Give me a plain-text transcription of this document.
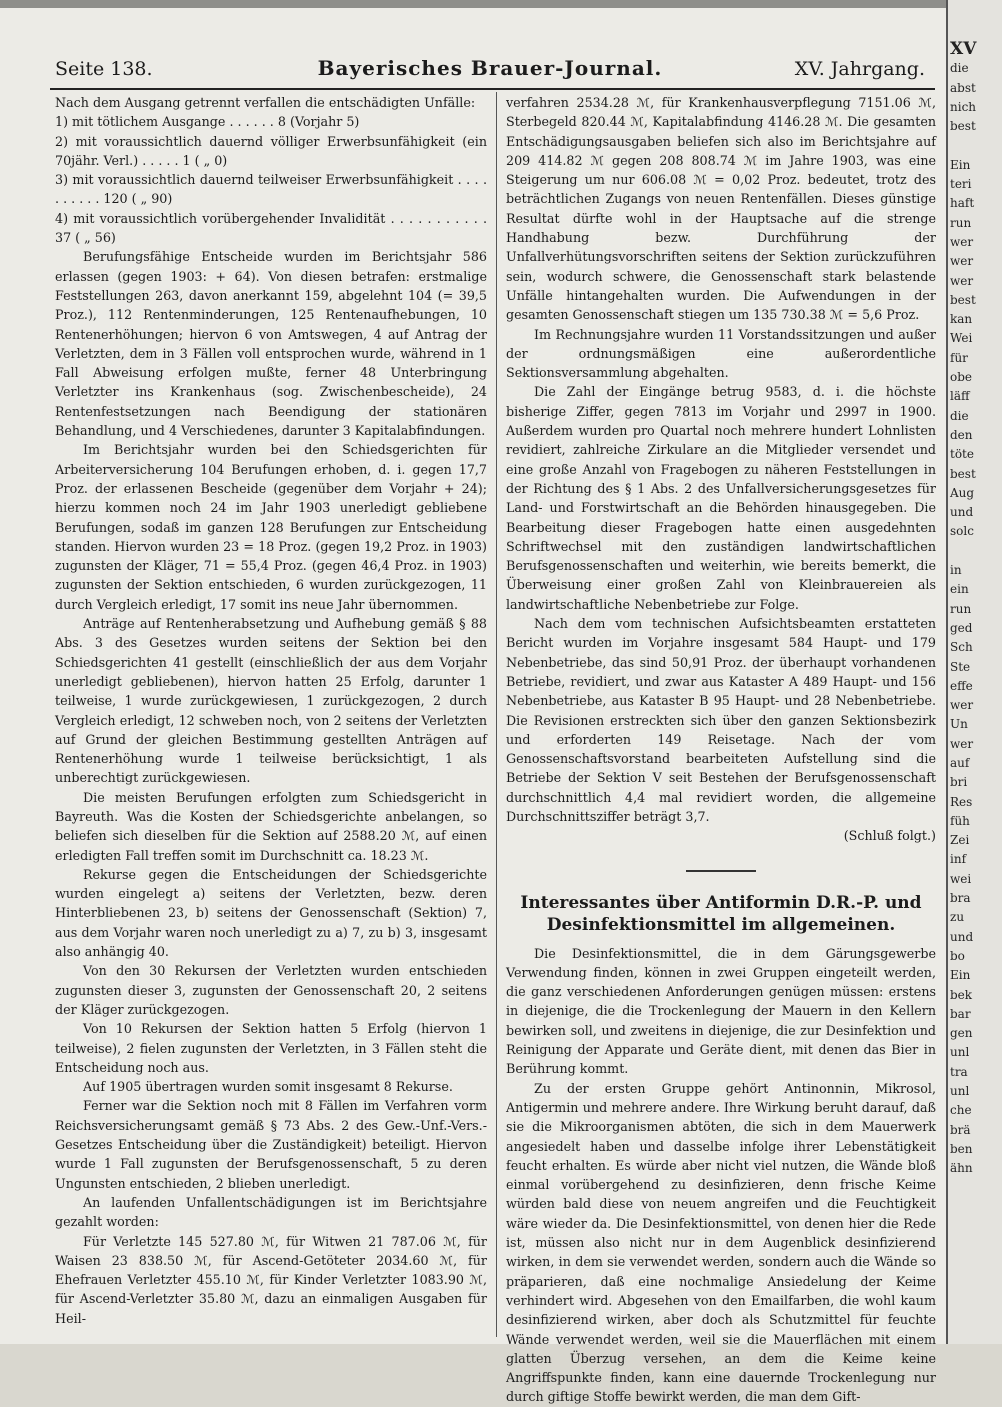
Seite 138.	Bayerisches Brauer-Journal.	XV. Jahrgang.

Nach dem Ausgang getrennt verfallen die entschädigten Unfälle:

1) mit tötlichem Ausgange . . . . . . 8 (Vorjahr 5)

2) mit voraussichtlich dauernd völliger Erwerbsunfähigkeit (ein 70jähr. Verl.) . . . . . 1 ( „ 0)

3) mit voraussichtlich dauernd teilweiser Erwerbsunfähigkeit . . . . . . . . . . 120 ( „ 90)

4) mit voraussichtlich vorübergehender Invalidität . . . . . . . . . . . 37 ( „ 56)

Berufungsfähige Entscheide wurden im Berichtsjahr 586 erlassen (gegen 1903: + 64). Von diesen betrafen: erstmalige Feststellungen 263, davon anerkannt 159, abgelehnt 104 (= 39,5 Proz.), 112 Rentenminderungen, 125 Rentenaufhebungen, 10 Rentenerhöhungen; hiervon 6 von Amtswegen, 4 auf Antrag der Verletzten, dem in 3 Fällen voll entsprochen wurde, während in 1 Fall Abweisung erfolgen mußte, ferner 48 Unterbringung Verletzter ins Krankenhaus (sog. Zwischenbescheide), 24 Rentenfestsetzungen nach Beendigung der stationären Behandlung, und 4 Verschiedenes, darunter 3 Kapitalabfindungen.

Im Berichtsjahr wurden bei den Schiedsgerichten für Arbeiterversicherung 104 Berufungen erhoben, d. i. gegen 17,7 Proz. der erlassenen Bescheide (gegenüber dem Vorjahr + 24); hierzu kommen noch 24 im Jahr 1903 unerledigt gebliebene Berufungen, sodaß im ganzen 128 Berufungen zur Entscheidung standen. Hiervon wurden 23 = 18 Proz. (gegen 19,2 Proz. in 1903) zugunsten der Kläger, 71 = 55,4 Proz. (gegen 46,4 Proz. in 1903) zugunsten der Sektion entschieden, 6 wurden zurückgezogen, 11 durch Vergleich erledigt, 17 somit ins neue Jahr übernommen.

Anträge auf Rentenherabsetzung und Aufhebung gemäß § 88 Abs. 3 des Gesetzes wurden seitens der Sektion bei den Schiedsgerichten 41 gestellt (einschließlich der aus dem Vorjahr unerledigt gebliebenen), hiervon hatten 25 Erfolg, darunter 1 teilweise, 1 wurde zurückgewiesen, 1 zurückgezogen, 2 durch Vergleich erledigt, 12 schweben noch, von 2 seitens der Verletzten auf Grund der gleichen Bestimmung gestellten Anträgen auf Rentenerhöhung wurde 1 teilweise berücksichtigt, 1 als unberechtigt zurückgewiesen.

Die meisten Berufungen erfolgten zum Schiedsgericht in Bayreuth. Was die Kosten der Schiedsgerichte anbelangen, so beliefen sich dieselben für die Sektion auf 2588.20 ℳ, auf einen erledigten Fall treffen somit im Durchschnitt ca. 18.23 ℳ.

Rekurse gegen die Entscheidungen der Schiedsgerichte wurden eingelegt a) seitens der Verletzten, bezw. deren Hinterbliebenen 23, b) seitens der Genossenschaft (Sektion) 7, aus dem Vorjahr waren noch unerledigt zu a) 7, zu b) 3, insgesamt also anhängig 40.

Von den 30 Rekursen der Verletzten wurden entschieden zugunsten dieser 3, zugunsten der Genossenschaft 20, 2 seitens der Kläger zurückgezogen.

Von 10 Rekursen der Sektion hatten 5 Erfolg (hiervon 1 teilweise), 2 fielen zugunsten der Verletzten, in 3 Fällen steht die Entscheidung noch aus.

Auf 1905 übertragen wurden somit insgesamt 8 Rekurse.

Ferner war die Sektion noch mit 8 Fällen im Verfahren vorm Reichsversicherungsamt gemäß § 73 Abs. 2 des Gew.-Unf.-Vers.-Gesetzes Entscheidung über die Zuständigkeit) beteiligt. Hiervon wurde 1 Fall zugunsten der Berufsgenossenschaft, 5 zu deren Ungunsten entschieden, 2 blieben unerledigt.

An laufenden Unfallentschädigungen ist im Berichtsjahre gezahlt worden:

Für Verletzte 145 527.80 ℳ, für Witwen 21 787.06 ℳ, für Waisen 23 838.50 ℳ, für Ascend-Getöteter 2034.60 ℳ, für Ehefrauen Verletzter 455.10 ℳ, für Kinder Verletzter 1083.90 ℳ, für Ascend-Verletzter 35.80 ℳ, dazu an einmaligen Ausgaben für Heil-

verfahren 2534.28 ℳ, für Krankenhausverpflegung 7151.06 ℳ, Sterbegeld 820.44 ℳ, Kapitalabfindung 4146.28 ℳ. Die gesamten Entschädigungsausgaben beliefen sich also im Berichtsjahre auf 209 414.82 ℳ gegen 208 808.74 ℳ im Jahre 1903, was eine Steigerung um nur 606.08 ℳ = 0,02 Proz. bedeutet, trotz des beträchtlichen Zugangs von neuen Rentenfällen. Dieses günstige Resultat dürfte wohl in der Hauptsache auf die strenge Handhabung bezw. Durchführung der Unfallverhütungsvorschriften seitens der Sektion zurückzuführen sein, wodurch schwere, die Genossenschaft stark belastende Unfälle hintangehalten wurden. Die Aufwendungen in der gesamten Genossenschaft stiegen um 135 730.38 ℳ = 5,6 Proz.

Im Rechnungsjahre wurden 11 Vorstandssitzungen und außer der ordnungsmäßigen eine außerordentliche Sektionsversammlung abgehalten.

Die Zahl der Eingänge betrug 9583, d. i. die höchste bisherige Ziffer, gegen 7813 im Vorjahr und 2997 in 1900. Außerdem wurden pro Quartal noch mehrere hundert Lohnlisten revidiert, zahlreiche Zirkulare an die Mitglieder versendet und eine große Anzahl von Fragebogen zu näheren Feststellungen in der Richtung des § 1 Abs. 2 des Unfallversicherungsgesetzes für Land- und Forstwirtschaft an die Behörden hinausgegeben. Die Bearbeitung dieser Fragebogen hatte einen ausgedehnten Schriftwechsel mit den zuständigen landwirtschaftlichen Berufsgenossenschaften und weiterhin, wie bereits bemerkt, die Überweisung einer großen Zahl von Kleinbrauereien als landwirtschaftliche Nebenbetriebe zur Folge.

Nach dem vom technischen Aufsichtsbeamten erstatteten Bericht wurden im Vorjahre insgesamt 584 Haupt- und 179 Nebenbetriebe, das sind 50,91 Proz. der überhaupt vorhandenen Betriebe, revidiert, und zwar aus Kataster A 489 Haupt- und 156 Nebenbetriebe, aus Kataster B 95 Haupt- und 28 Nebenbetriebe. Die Revisionen erstreckten sich über den ganzen Sektionsbezirk und erforderten 149 Reisetage. Nach der vom Genossenschaftsvorstand bearbeiteten Aufstellung sind die Betriebe der Sektion V seit Bestehen der Berufsgenossenschaft durchschnittlich 4,4 mal revidiert worden, die allgemeine Durchschnittsziffer beträgt 3,7.

(Schluß folgt.)

Interessantes über Antiformin D.R.-P. und Desinfektionsmittel im allgemeinen.

Die Desinfektionsmittel, die in dem Gärungsgewerbe Verwendung finden, können in zwei Gruppen eingeteilt werden, die ganz verschiedenen Anforderungen genügen müssen: erstens in diejenige, die die Trockenlegung der Mauern in den Kellern bewirken soll, und zweitens in diejenige, die zur Desinfektion und Reinigung der Apparate und Geräte dient, mit denen das Bier in Berührung kommt.

Zu der ersten Gruppe gehört Antinonnin, Mikrosol, Antigermin und mehrere andere. Ihre Wirkung beruht darauf, daß sie die Mikroorganismen abtöten, die sich in dem Mauerwerk angesiedelt haben und dasselbe infolge ihrer Lebenstätigkeit feucht erhalten. Es würde aber nicht viel nutzen, die Wände bloß einmal vorübergehend zu desinfizieren, denn frische Keime würden bald diese von neuem angreifen und die Feuchtigkeit wäre wieder da. Die Desinfektionsmittel, von denen hier die Rede ist, müssen also nicht nur in dem Augenblick desinfizierend wirken, in dem sie verwendet werden, sondern auch die Wände so präparieren, daß eine nochmalige Ansiedelung der Keime verhindert wird. Abgesehen von den Emailfarben, die wohl kaum desinfizierend wirken, aber doch als Schutzmittel für feuchte Wände verwendet werden, weil sie die Mauerflächen mit einem glatten Überzug versehen, an dem die Keime keine Angriffspunkte finden, kann eine dauernde Trockenlegung nur durch giftige Stoffe bewirkt werden, die man dem Gift-

XV
die
abst
nich
best

Ein
teri
haft
run
wer
wer
wer
best
kan
Wei
für
obe
läff
die
den
töte
best
Aug
und
solc

in
ein
run
ged
Sch
Ste
effe
wer
Un
wer
auf
bri
Res
füh
Zei
inf
wei
bra
zu
und
bo
Ein
bek
bar
gen
unl
tra
unl
che
brä
ben
ähn
